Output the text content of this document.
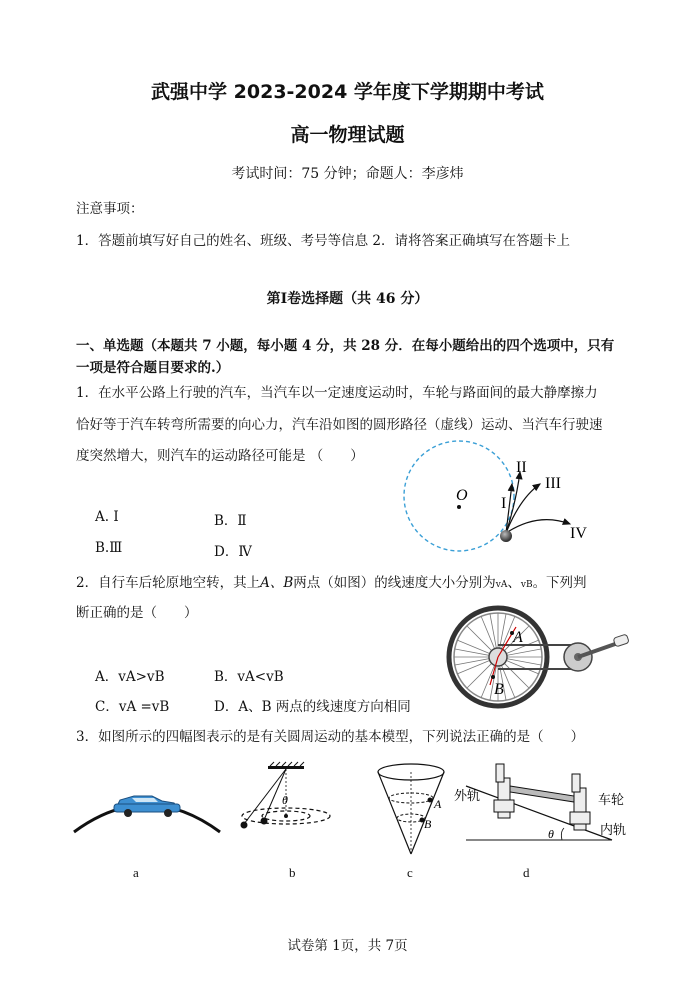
武强中学 2023-2024 学年度下学期期中考试
高一物理试题
考试时间：75 分钟；命题人：李彦炜
注意事项：
1．答题前填写好自己的姓名、班级、考号等信息 2．请将答案正确填写在答题卡上
第Ⅰ卷选择题（共 46 分）
一、单选题（本题共 7 小题，每小题 4 分，共 28 分．在每小题给出的四个选项中，只有
一项是符合题目要求的.）
1．在水平公路上行驶的汽车，当汽车以一定速度运动时，车轮与路面间的最大静摩擦力
恰好等于汽车转弯所需要的向心力，汽车沿如图的圆形路径（虚线）运动、当汽车行驶速
度突然增大，则汽车的运动路径可能是 （　　）
A. Ⅰ	B．Ⅱ
B.Ⅲ	D．Ⅳ
O I
II
III
IV
2．自行车后轮原地空转，其上A、B两点（如图）的线速度大小分别为vA、vB。下列判
断正确的是（　　）
A．vA>vB	B．vA<vB
C．vA =vB	D．A、B 两点的线速度方向相同
A
B
3．如图所示的四幅图表示的是有关圆周运动的基本模型，下列说法正确的是（　　）
a
θ
b
A
B
c
外轨	车轮
内轨
θ
d
试卷第 1页，共 7页
